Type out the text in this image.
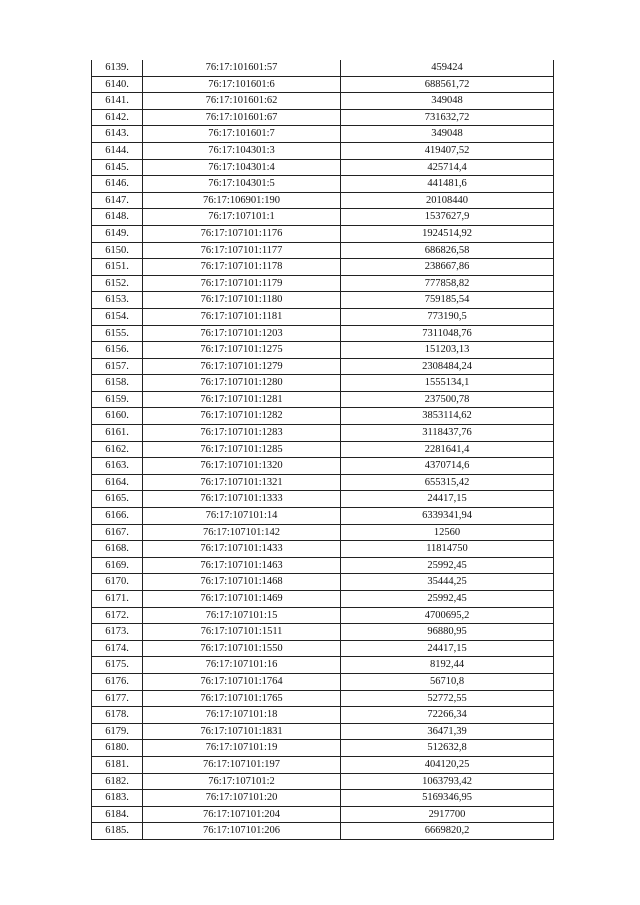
6139.	76:17:101601:57	459424
6140.	76:17:101601:6	688561,72
6141.	76:17:101601:62	349048
6142.	76:17:101601:67	731632,72
6143.	76:17:101601:7	349048
6144.	76:17:104301:3	419407,52
6145.	76:17:104301:4	425714,4
6146.	76:17:104301:5	441481,6
6147.	76:17:106901:190	20108440
6148.	76:17:107101:1	1537627,9
6149.	76:17:107101:1176	1924514,92
6150.	76:17:107101:1177	686826,58
6151.	76:17:107101:1178	238667,86
6152.	76:17:107101:1179	777858,82
6153.	76:17:107101:1180	759185,54
6154.	76:17:107101:1181	773190,5
6155.	76:17:107101:1203	7311048,76
6156.	76:17:107101:1275	151203,13
6157.	76:17:107101:1279	2308484,24
6158.	76:17:107101:1280	1555134,1
6159.	76:17:107101:1281	237500,78
6160.	76:17:107101:1282	3853114,62
6161.	76:17:107101:1283	3118437,76
6162.	76:17:107101:1285	2281641,4
6163.	76:17:107101:1320	4370714,6
6164.	76:17:107101:1321	655315,42
6165.	76:17:107101:1333	24417,15
6166.	76:17:107101:14	6339341,94
6167.	76:17:107101:142	12560
6168.	76:17:107101:1433	11814750
6169.	76:17:107101:1463	25992,45
6170.	76:17:107101:1468	35444,25
6171.	76:17:107101:1469	25992,45
6172.	76:17:107101:15	4700695,2
6173.	76:17:107101:1511	96880,95
6174.	76:17:107101:1550	24417,15
6175.	76:17:107101:16	8192,44
6176.	76:17:107101:1764	56710,8
6177.	76:17:107101:1765	52772,55
6178.	76:17:107101:18	72266,34
6179.	76:17:107101:1831	36471,39
6180.	76:17:107101:19	512632,8
6181.	76:17:107101:197	404120,25
6182.	76:17:107101:2	1063793,42
6183.	76:17:107101:20	5169346,95
6184.	76:17:107101:204	2917700
6185.	76:17:107101:206	6669820,2
